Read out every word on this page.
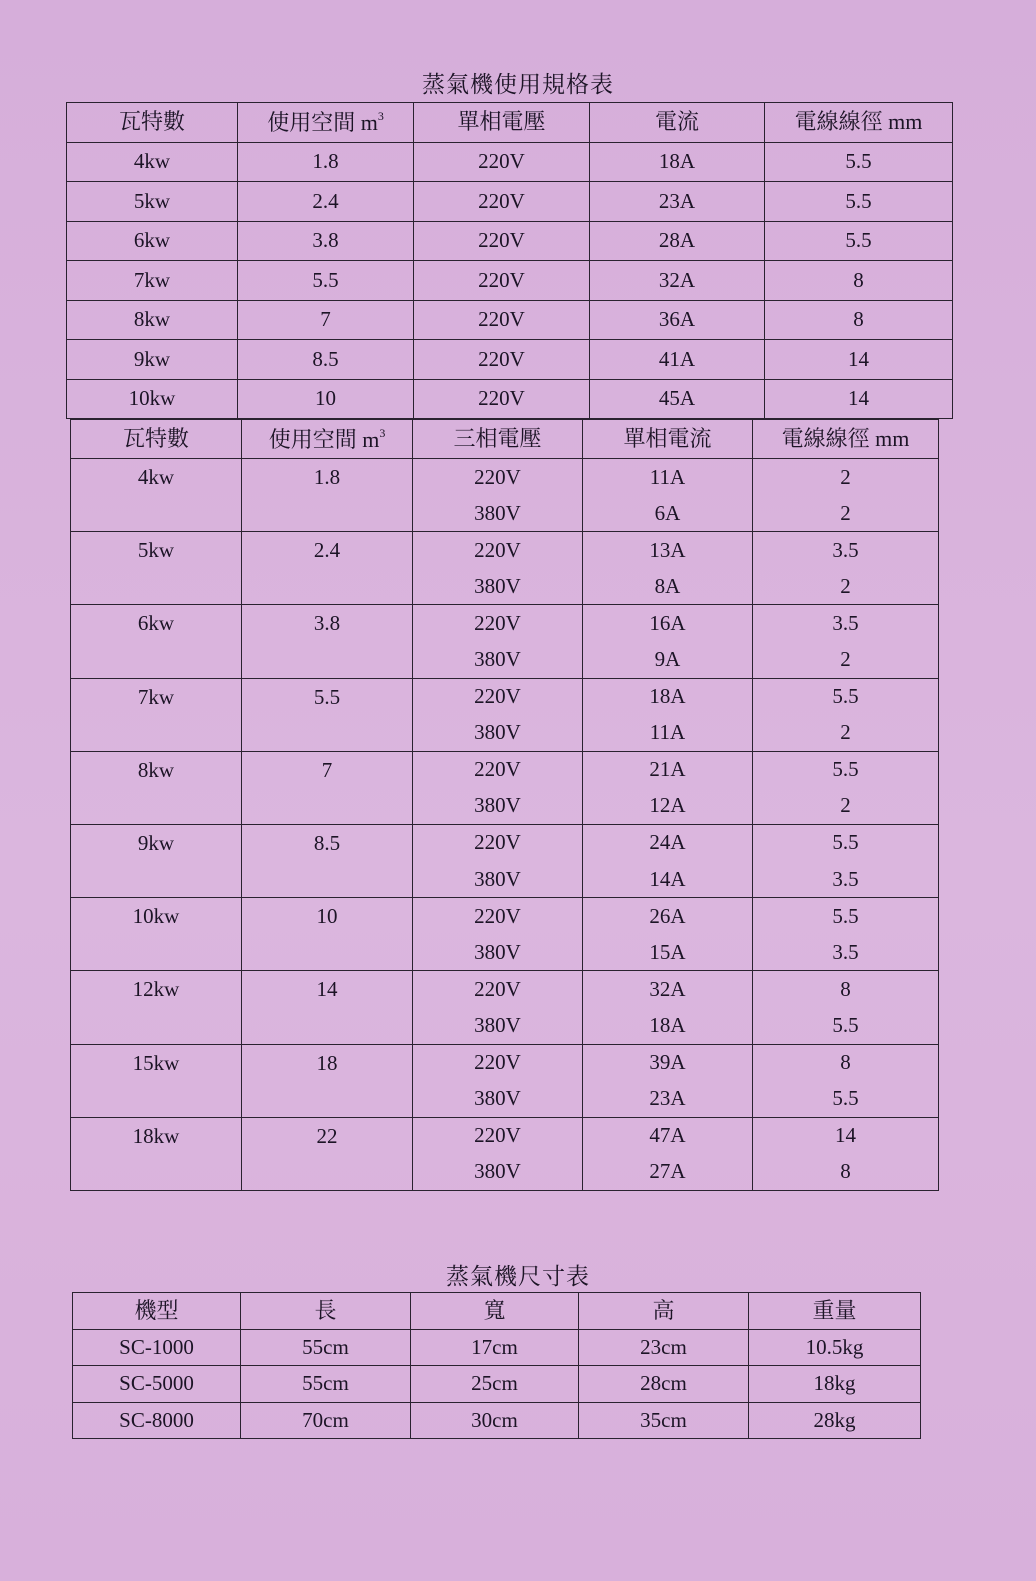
蒸氣機使用規格表
瓦特數	使用空間 $m^3$	單相電壓	電流	電線線徑 mm
4kw	1.8	220V	18A	5.5
5kw	2.4	220V	23A	5.5
6kw	3.8	220V	28A	5.5
7kw	5.5	220V	32A	8
8kw	7	220V	36A	8
9kw	8.5	220V	41A	14
10kw	10	220V	45A	14
瓦特數	使用空間 $m^3$	三相電壓	單相電流	電線線徑 mm
4kw	1.8	220V	11A	2
		380V	6A	2
5kw	2.4	220V	13A	3.5
		380V	8A	2
6kw	3.8	220V	16A	3.5
		380V	9A	2
7kw	5.5	220V	18A	5.5
		380V	11A	2
8kw	7	220V	21A	5.5
		380V	12A	2
9kw	8.5	220V	24A	5.5
		380V	14A	3.5
10kw	10	220V	26A	5.5
		380V	15A	3.5
12kw	14	220V	32A	8
		380V	18A	5.5
15kw	18	220V	39A	8
		380V	23A	5.5
18kw	22	220V	47A	14
		380V	27A	8
蒸氣機尺寸表
機型	長	寬	高	重量
SC-1000	55cm	17cm	23cm	10.5kg
SC-5000	55cm	25cm	28cm	18kg
SC-8000	70cm	30cm	35cm	28kg
